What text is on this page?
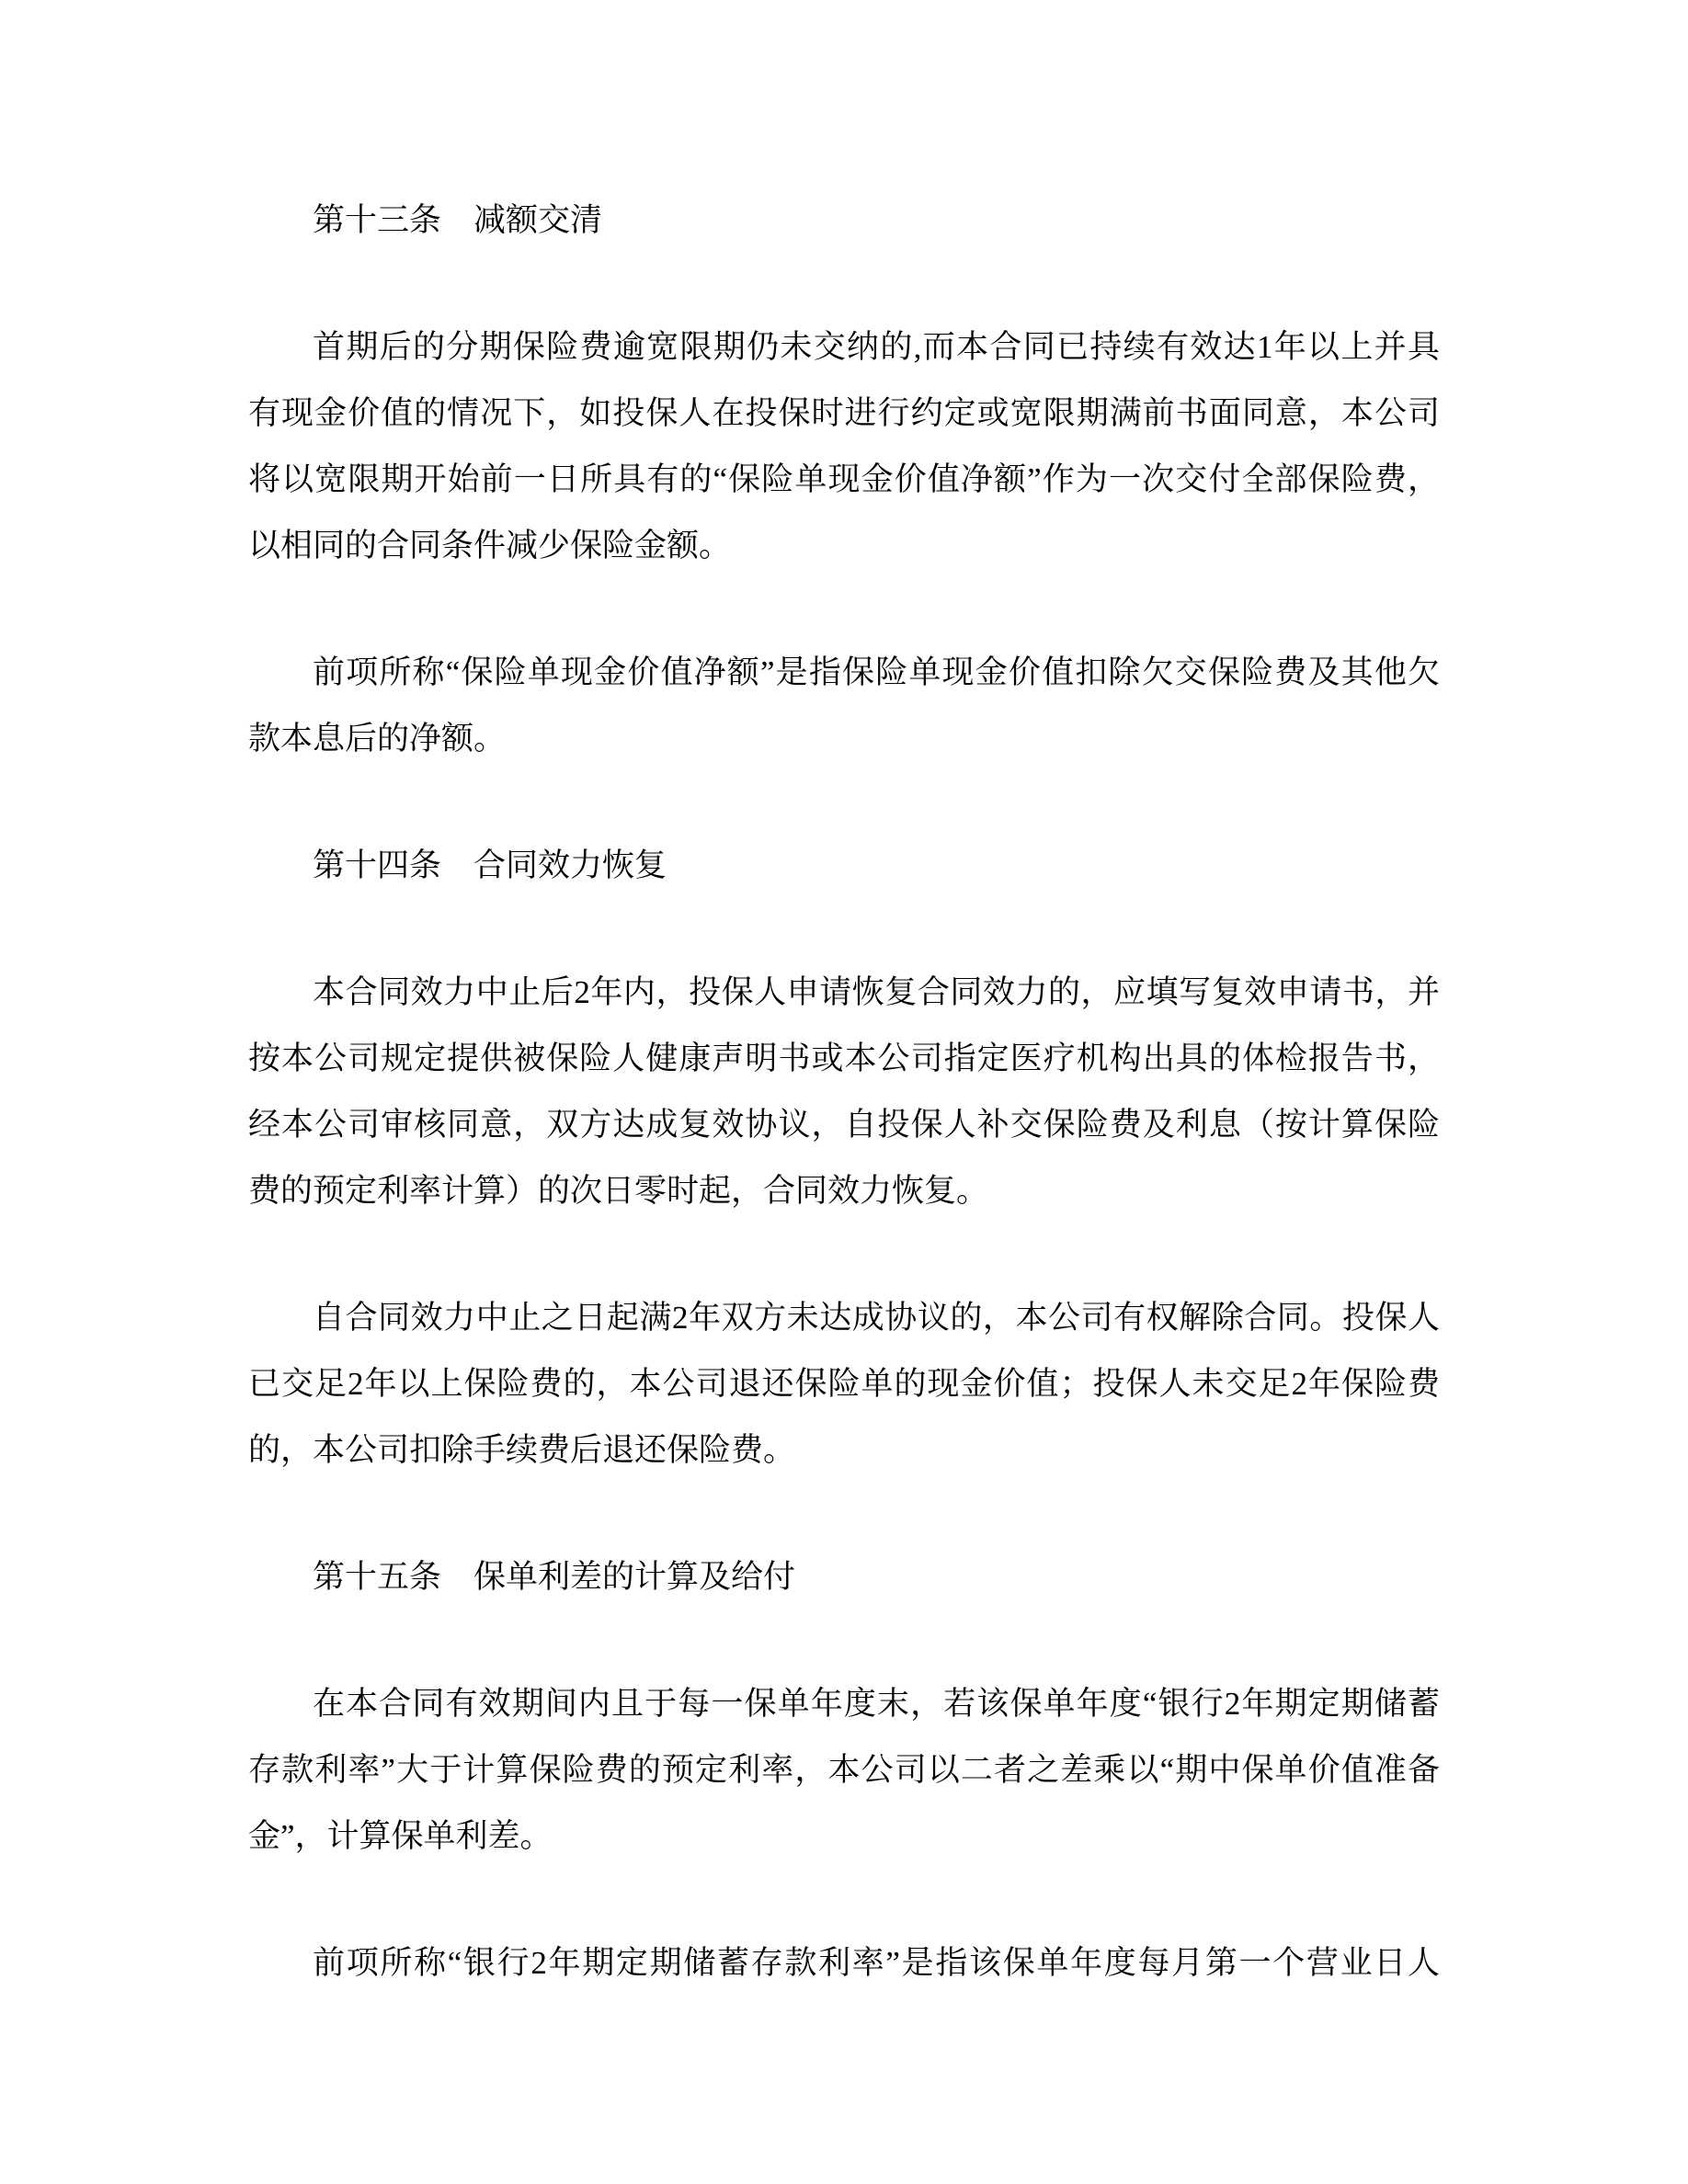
第十三条　减额交清
首期后的分期保险费逾宽限期仍未交纳的,而本合同已持续有效达1年以上并具
有现金价值的情况下，如投保人在投保时进行约定或宽限期满前书面同意，本公司
将以宽限期开始前一日所具有的“保险单现金价值净额”作为一次交付全部保险费，
以相同的合同条件减少保险金额。
前项所称“保险单现金价值净额”是指保险单现金价值扣除欠交保险费及其他欠
款本息后的净额。
第十四条　合同效力恢复
本合同效力中止后2年内，投保人申请恢复合同效力的，应填写复效申请书，并
按本公司规定提供被保险人健康声明书或本公司指定医疗机构出具的体检报告书，
经本公司审核同意，双方达成复效协议，自投保人补交保险费及利息（按计算保险
费的预定利率计算）的次日零时起，合同效力恢复。
自合同效力中止之日起满2年双方未达成协议的，本公司有权解除合同。投保人
已交足2年以上保险费的，本公司退还保险单的现金价值；投保人未交足2年保险费
的，本公司扣除手续费后退还保险费。
第十五条　保单利差的计算及给付
在本合同有效期间内且于每一保单年度末，若该保单年度“银行2年期定期储蓄
存款利率”大于计算保险费的预定利率，本公司以二者之差乘以“期中保单价值准备
金”，计算保单利差。
前项所称“银行2年期定期储蓄存款利率”是指该保单年度每月第一个营业日人
